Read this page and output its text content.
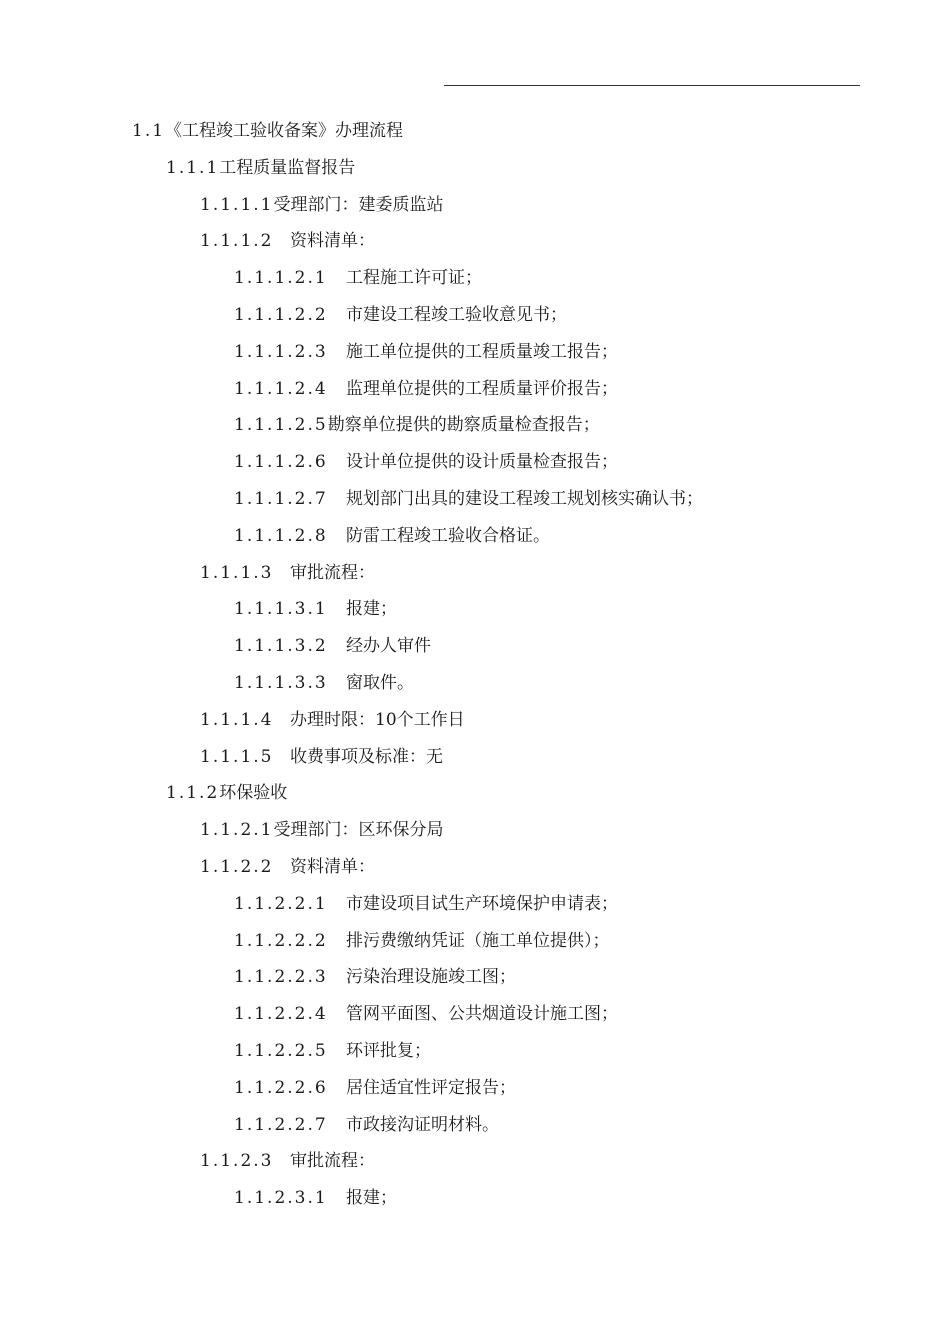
1.1《工程竣工验收备案》办理流程
1.1.1工程质量监督报告
1.1.1.1受理部门：建委质监站
1.1.1.2 资料清单：
1.1.1.2.1 工程施工许可证；
1.1.1.2.2 市建设工程竣工验收意见书；
1.1.1.2.3 施工单位提供的工程质量竣工报告；
1.1.1.2.4 监理单位提供的工程质量评价报告；
1.1.1.2.5勘察单位提供的勘察质量检查报告；
1.1.1.2.6 设计单位提供的设计质量检查报告；
1.1.1.2.7 规划部门出具的建设工程竣工规划核实确认书；
1.1.1.2.8 防雷工程竣工验收合格证。
1.1.1.3 审批流程：
1.1.1.3.1 报建；
1.1.1.3.2 经办人审件
1.1.1.3.3 窗取件。
1.1.1.4 办理时限：10个工作日
1.1.1.5 收费事项及标准：无
1.1.2环保验收
1.1.2.1受理部门：区环保分局
1.1.2.2 资料清单：
1.1.2.2.1 市建设项目试生产环境保护申请表；
1.1.2.2.2 排污费缴纳凭证（施工单位提供）；
1.1.2.2.3 污染治理设施竣工图；
1.1.2.2.4 管网平面图、公共烟道设计施工图；
1.1.2.2.5 环评批复；
1.1.2.2.6 居住适宜性评定报告；
1.1.2.2.7 市政接沟证明材料。
1.1.2.3 审批流程：
1.1.2.3.1 报建；
